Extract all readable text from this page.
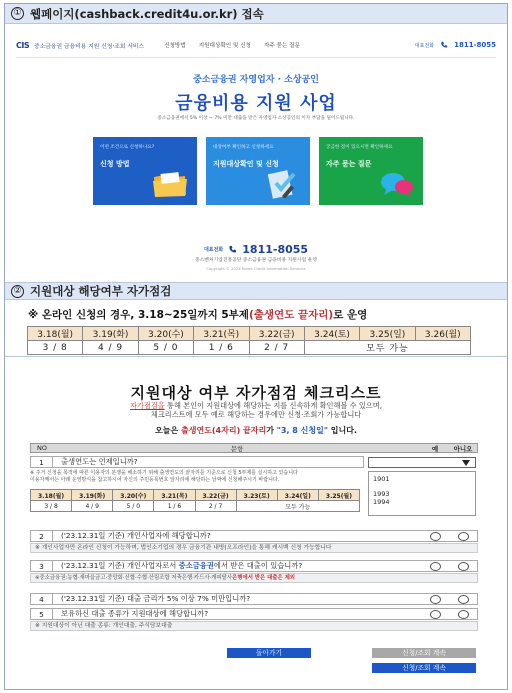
① 웹페이지(cashback.credit4u.or.kr) 접속
CIS 중소금융권 금융비용 지원 신청·조회 서비스	신청방법 지원대상확인 및 신청 자주 묻는 질문	대표전화	1811-8055
중소금융권 자영업자 · 소상공인
금융비용 지원 사업
중소금융권에서 5% 이상 ~ 7% 미만 대출을 받은 자영업자·소상공인의 이자 부담을 덜어드립니다.
어떤 조건으로 신청하나요?
신청 방법
대상여부 확인하고 신청하세요
지원대상확인 및 신청
궁금한 점이 있으시면 확인하세요
자주 묻는 질문
대표전화 1811-8055
중소벤처기업진흥공단 중소금융권 금융비용 지원사업 운영
Copyright © 2024 Korea Credit Information Services
② 지원대상 해당여부 자가점검
※ 온라인 신청의 경우, 3.18~25일까지 5부제(출생연도 끝자리)로 운영
3.18(월)	3.19(화)	3.20(수)	3.21(목)	3.22(금)	3.24(토)	3.25(일)	3.26(월)
3 / 8	4 / 9	5 / 0	1 / 6	2 / 7	모두 가능		
지원대상 여부 자가점검 체크리스트
자가점검을 통해 본인이 지원대상에 해당하는 지를 신속하게 확인해볼 수 있으며,
체크리스트에 모두 예로 해당하는 경우에만 신청·조회가 가능합니다
오늘은 출생연도(4자리) 끝자리가 "3, 8 신청일" 입니다.
NO	문항	예	아니오
1	출생연도는 언제입니까?
※ 주거 신청을 목적에 따른 이용자의 분쟁을 해소하기 위해 출생연도의 끝자리를 기준으로 신청 5부제를 실시하고 있습니다
이용자께서는 아래 운영방식을 참고하시어 자신의 주민등록번호 앞자리에 해당하는 날짜에 신청해주시기 바랍니다.	1901
1993
1994
3.18(월)	3.19(화)	3.20(수)	3.21(목)	3.22(금)	3.23(토)	3.24(일)	3.25(월)
3 / 8	4 / 9	5 / 0	1 / 6	2 / 7	모두 가능		
2	('23.12.31일 기준) 개인사업자에 해당합니까?
※ 개인사업자만 온라인 신청이 가능하며, 법인소기업의 경우 금융기관 내방(오프라인)을 통해 캐시백 신청 가능합니다
3	('23.12.31일 기준) 개인사업자로서 중소금융권에서 받은 대출이 있습니까?
※중소금융권:농협·새마을금고·중앙회·신협·수협·산림조합 저축은행·카드사·캐피탈사은행에서 받은 대출은 제외
4	('23.12.31일 기준) 대출 금리가 5% 이상 7% 미만입니까?
5	보유하신 대출 종류가 지원대상에 해당합니까?
※ 지원대상이 아닌 대출 종류: 개인대출, 주식담보대출
돌아가기	신청/조회 계속
신청/조회 계속
